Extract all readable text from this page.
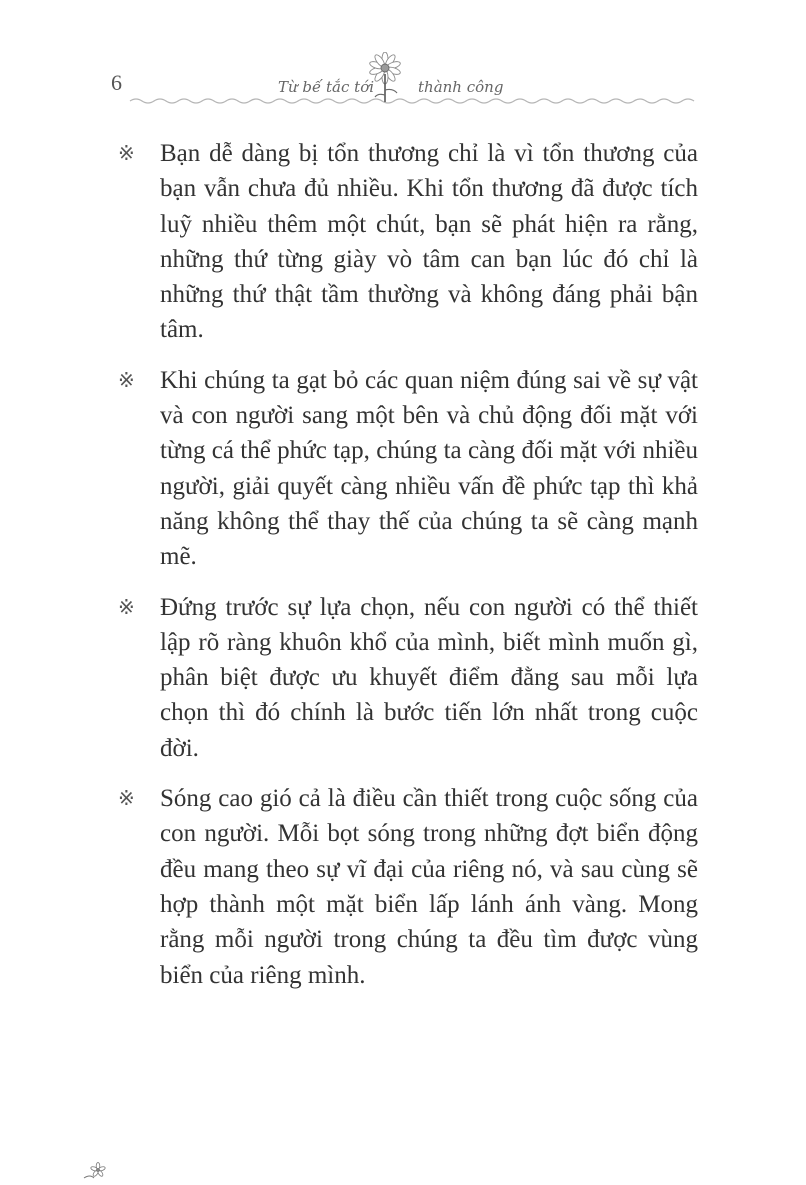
6	Từ bế tắc tới	thành công
※ Bạn dễ dàng bị tổn thương chỉ là vì tổn thương của bạn vẫn chưa đủ nhiều. Khi tổn thương đã được tích luỹ nhiều thêm một chút, bạn sẽ phát hiện ra rằng, những thứ từng giày vò tâm can bạn lúc đó chỉ là những thứ thật tầm thường và không đáng phải bận tâm.
※ Khi chúng ta gạt bỏ các quan niệm đúng sai về sự vật và con người sang một bên và chủ động đối mặt với từng cá thể phức tạp, chúng ta càng đối mặt với nhiều người, giải quyết càng nhiều vấn đề phức tạp thì khả năng không thể thay thế của chúng ta sẽ càng mạnh mẽ.
※ Đứng trước sự lựa chọn, nếu con người có thể thiết lập rõ ràng khuôn khổ của mình, biết mình muốn gì, phân biệt được ưu khuyết điểm đằng sau mỗi lựa chọn thì đó chính là bước tiến lớn nhất trong cuộc đời.
※ Sóng cao gió cả là điều cần thiết trong cuộc sống của con người. Mỗi bọt sóng trong những đợt biển động đều mang theo sự vĩ đại của riêng nó, và sau cùng sẽ hợp thành một mặt biển lấp lánh ánh vàng. Mong rằng mỗi người trong chúng ta đều tìm được vùng biển của riêng mình.
